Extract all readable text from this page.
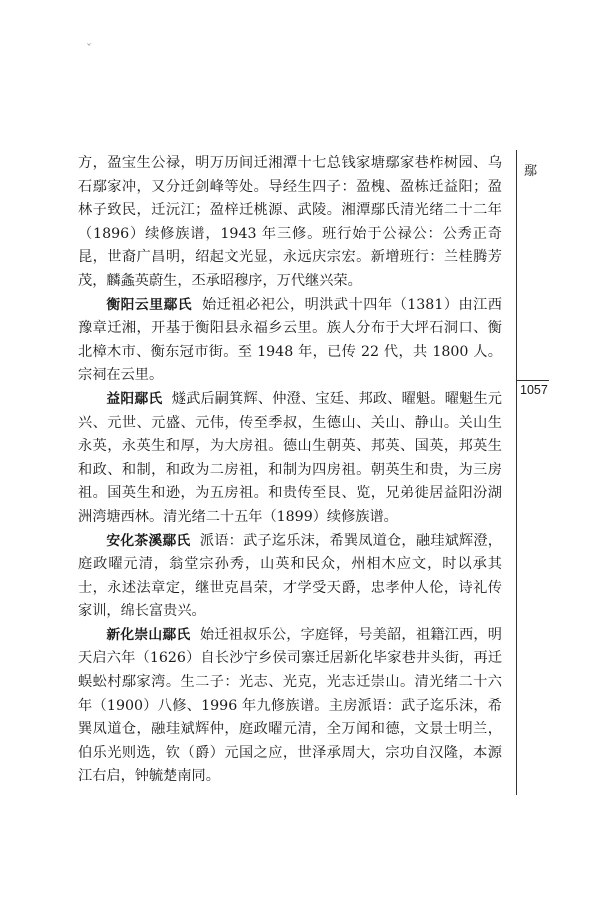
ˇ

方，盈宝生公禄，明万历间迁湘潭十七总钱家塘鄢家巷柞树园、乌石鄢家冲，又分迁剑峰等处。导经生四子：盈槐、盈栋迁益阳；盈林子致民，迁沅江；盈梓迁桃源、武陵。湘潭鄢氏清光绪二十二年（1896）续修族谱，1943 年三修。班行始于公禄公：公秀正奇昆，世裔广昌明，绍起文光显，永远庆宗宏。新增班行：兰桂腾芳茂，麟螽英蔚生，丕承昭穆序，万代继兴荣。

衡阳云里鄢氏 始迁祖必祀公，明洪武十四年（1381）由江西豫章迁湘，开基于衡阳县永福乡云里。族人分布于大坪石洞口、衡北樟木市、衡东冠市街。至 1948 年，已传 22 代，共 1800 人。宗祠在云里。

益阳鄢氏 燧武后嗣箕辉、仲澄、宝廷、邦政、曜魁。曜魁生元兴、元世、元盛、元伟，传至季叔，生德山、关山、静山。关山生永英，永英生和厚，为大房祖。德山生朝英、邦英、国英，邦英生和政、和制，和政为二房祖，和制为四房祖。朝英生和贵，为三房祖。国英生和逊，为五房祖。和贵传至艮、览，兄弟徙居益阳汾湖洲湾塘西林。清光绪二十五年（1899）续修族谱。

安化茶溪鄢氏 派语：武子迄乐沫，希巽凤道仓，融珪斌辉澄，庭政曜元清，翁堂宗孙秀，山英和民众，州相木应文，时以承其士，永述法章定，继世克昌荣，才学受天爵，忠孝仲人伦，诗礼传家训，绵长富贵兴。

新化崇山鄢氏 始迁祖叔乐公，字庭铎，号美韶，祖籍江西，明天启六年（1626）自长沙宁乡侯司寨迁居新化毕家巷井头街，再迁蜈蚣村鄢家湾。生二子：光志、光克，光志迁崇山。清光绪二十六年（1900）八修、1996 年九修族谱。主房派语：武子迄乐沫，希巽凤道仓，融珪斌辉仲，庭政曜元清，全万闻和德，文景士明兰，伯乐光则选，钦（爵）元国之应，世泽承周大，宗功自汉隆，本源江右启，钟毓楚南同。

鄢
1057
